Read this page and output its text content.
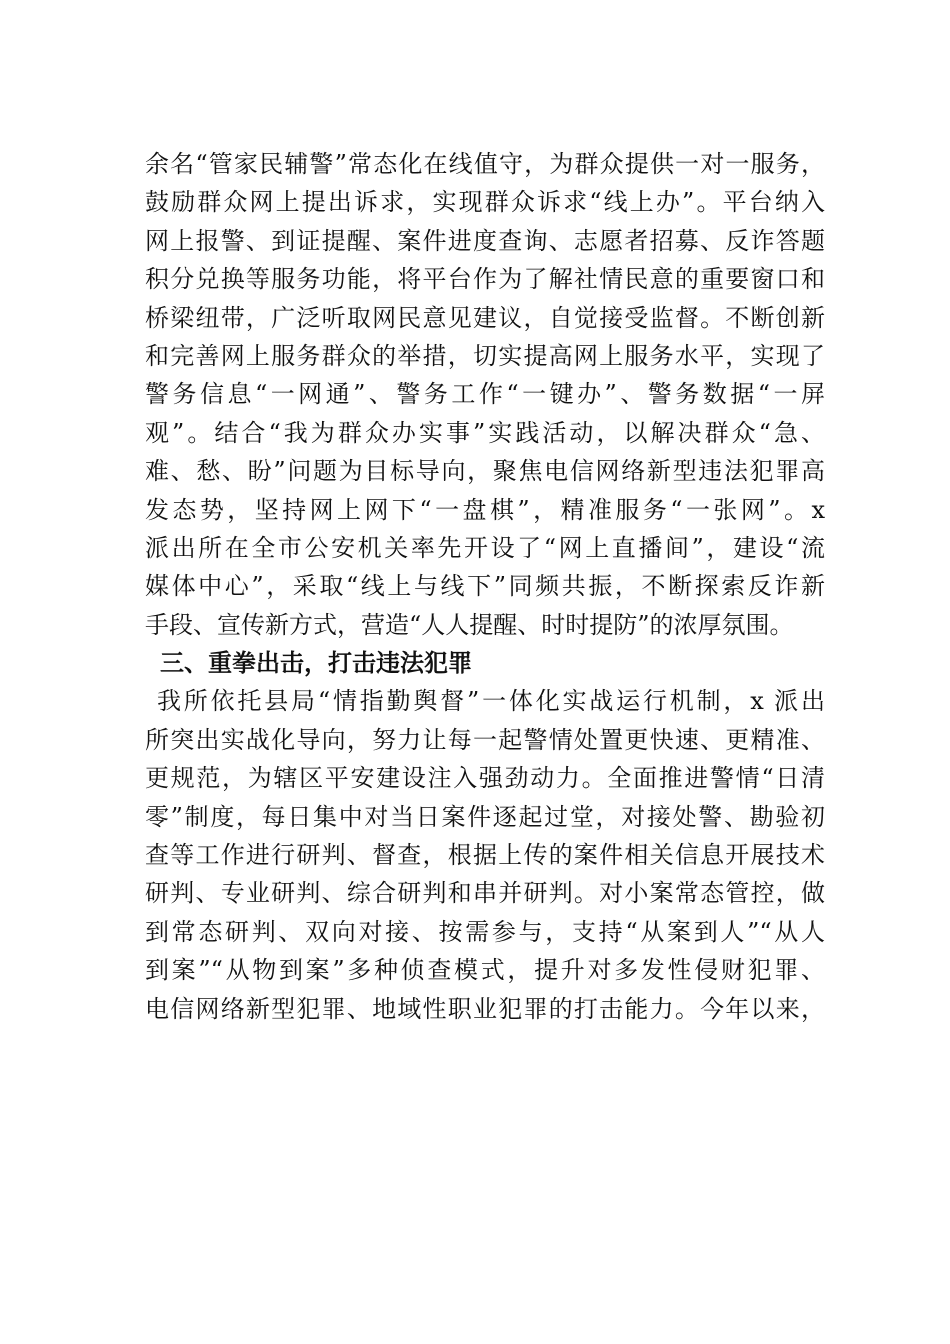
余名“管家民辅警”常态化在线值守，为群众提供一对一服务，
鼓励群众网上提出诉求，实现群众诉求“线上办”。平台纳入
网上报警、到证提醒、案件进度查询、志愿者招募、反诈答题
积分兑换等服务功能，将平台作为了解社情民意的重要窗口和
桥梁纽带，广泛听取网民意见建议，自觉接受监督。不断创新
和完善网上服务群众的举措，切实提高网上服务水平，实现了
警务信息“一网通”、警务工作“一键办”、警务数据“一屏
观”。结合“我为群众办实事”实践活动，以解决群众“急、
难、愁、盼”问题为目标导向，聚焦电信网络新型违法犯罪高
发态势，坚持网上网下“一盘棋”，精准服务“一张网”。x
派出所在全市公安机关率先开设了“网上直播间”，建设“流
媒体中心”，采取“线上与线下”同频共振，不断探索反诈新
手段、宣传新方式，营造“人人提醒、时时提防”的浓厚氛围。
三、重拳出击，打击违法犯罪
我所依托县局“情指勤舆督”一体化实战运行机制，x 派出
所突出实战化导向，努力让每一起警情处置更快速、更精准、
更规范，为辖区平安建设注入强劲动力。全面推进警情“日清
零”制度，每日集中对当日案件逐起过堂，对接处警、勘验初
查等工作进行研判、督查，根据上传的案件相关信息开展技术
研判、专业研判、综合研判和串并研判。对小案常态管控，做
到常态研判、双向对接、按需参与，支持“从案到人”“从人
到案”“从物到案”多种侦查模式，提升对多发性侵财犯罪、
电信网络新型犯罪、地域性职业犯罪的打击能力。今年以来，
